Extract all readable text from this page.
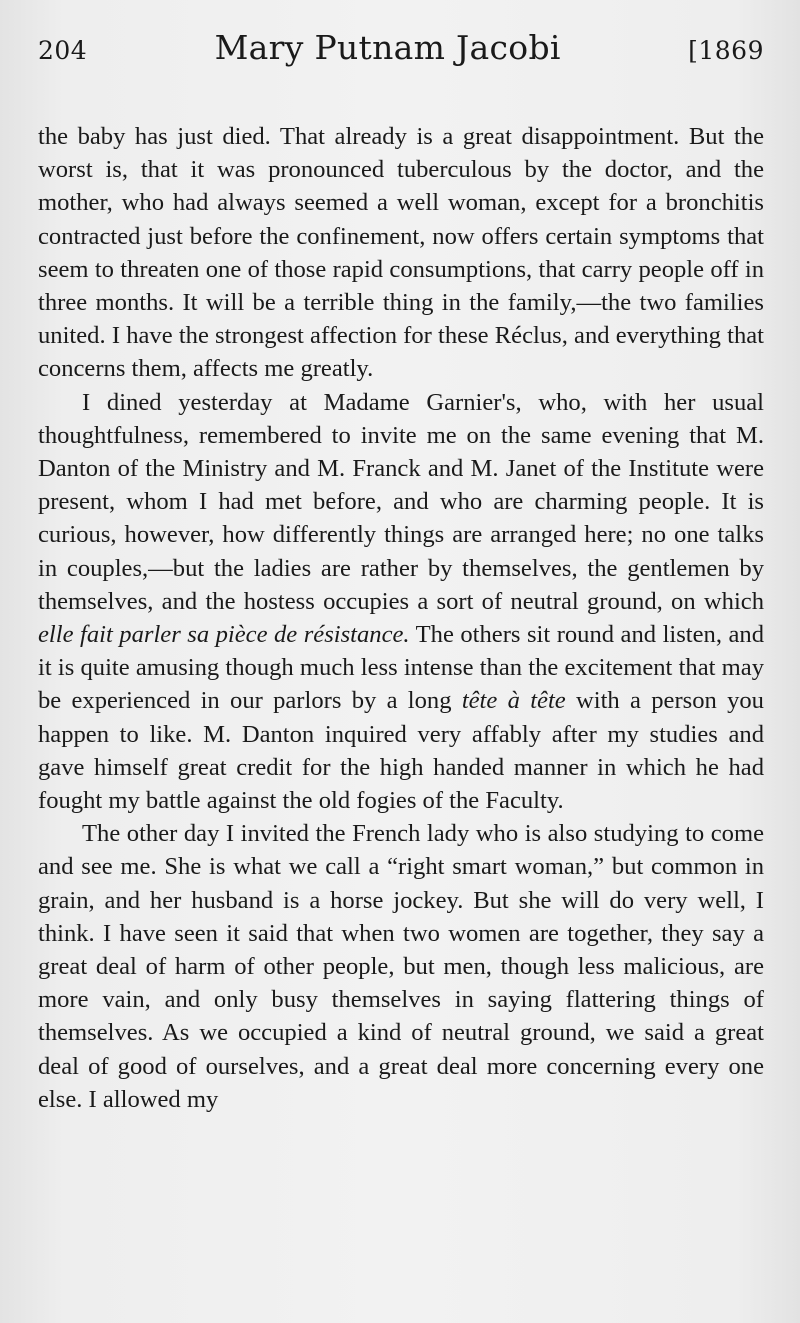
204	Mary Putnam Jacobi	[1869

the baby has just died. That already is a great disappointment. But the worst is, that it was pronounced tuberculous by the doctor, and the mother, who had always seemed a well woman, except for a bronchitis contracted just before the confinement, now offers certain symptoms that seem to threaten one of those rapid consumptions, that carry people off in three months. It will be a terrible thing in the family,—the two families united. I have the strongest affection for these Réclus, and everything that concerns them, affects me greatly.

I dined yesterday at Madame Garnier's, who, with her usual thoughtfulness, remembered to invite me on the same evening that M. Danton of the Ministry and M. Franck and M. Janet of the Institute were present, whom I had met before, and who are charming people. It is curious, however, how differently things are arranged here; no one talks in couples,—but the ladies are rather by themselves, the gentlemen by themselves, and the hostess occupies a sort of neutral ground, on which elle fait parler sa pièce de résistance. The others sit round and listen, and it is quite amusing though much less intense than the excitement that may be experienced in our parlors by a long tête à tête with a person you happen to like. M. Danton inquired very affably after my studies and gave himself great credit for the high handed manner in which he had fought my battle against the old fogies of the Faculty.

The other day I invited the French lady who is also studying to come and see me. She is what we call a “right smart woman,” but common in grain, and her husband is a horse jockey. But she will do very well, I think. I have seen it said that when two women are together, they say a great deal of harm of other people, but men, though less malicious, are more vain, and only busy themselves in saying flattering things of themselves. As we occupied a kind of neutral ground, we said a great deal of good of ourselves, and a great deal more concerning every one else. I allowed my
